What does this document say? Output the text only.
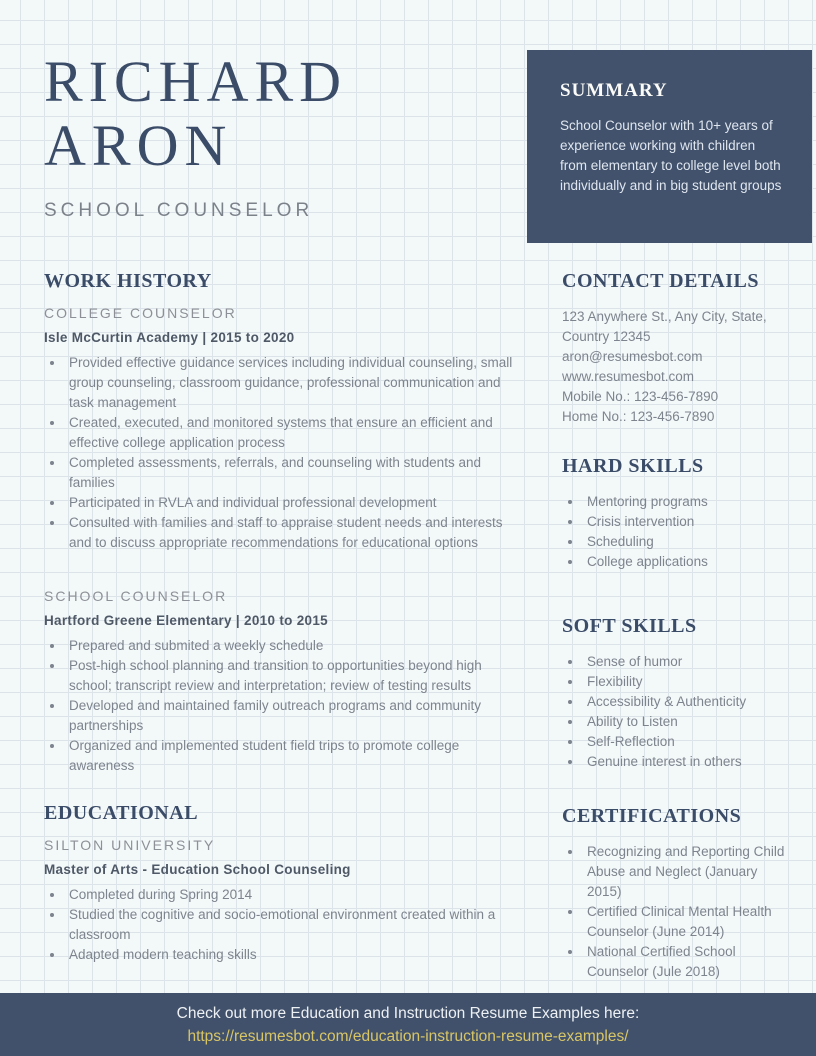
RICHARD
ARON
SCHOOL COUNSELOR
SUMMARY

School Counselor with 10+ years of experience working with children from elementary to college level both individually and in big student groups

WORK HISTORY
COLLEGE COUNSELOR
Isle McCurtin Academy | 2015 to 2020
• Provided effective guidance services including individual counseling, small group counseling, classroom guidance, professional communication and task management
• Created, executed, and monitored systems that ensure an efficient and effective college application process
• Completed assessments, referrals, and counseling with students and families
• Participated in RVLA and individual professional development
• Consulted with families and staff to appraise student needs and interests and to discuss appropriate recommendations for educational options
SCHOOL COUNSELOR
Hartford Greene Elementary | 2010 to 2015
• Prepared and submited a weekly schedule
• Post-high school planning and transition to opportunities beyond high school; transcript review and interpretation; review of testing results
• Developed and maintained family outreach programs and community partnerships
• Organized and implemented student field trips to promote college awareness
EDUCATIONAL
SILTON UNIVERSITY
Master of Arts - Education School Counseling
• Completed during Spring 2014
• Studied the cognitive and socio-emotional environment created within a classroom
• Adapted modern teaching skills
CONTACT DETAILS
123 Anywhere St., Any City, State,
Country 12345
aron@resumesbot.com
www.resumesbot.com
Mobile No.: 123-456-7890
Home No.: 123-456-7890
HARD SKILLS
• Mentoring programs
• Crisis intervention
• Scheduling
• College applications
SOFT SKILLS
• Sense of humor
• Flexibility
• Accessibility & Authenticity
• Ability to Listen
• Self-Reflection
• Genuine interest in others
CERTIFICATIONS
• Recognizing and Reporting Child Abuse and Neglect (January 2015)
• Certified Clinical Mental Health Counselor (June 2014)
• National Certified School Counselor (Jule 2018)
Check out more Education and Instruction Resume Examples here:
https://resumesbot.com/education-instruction-resume-examples/
